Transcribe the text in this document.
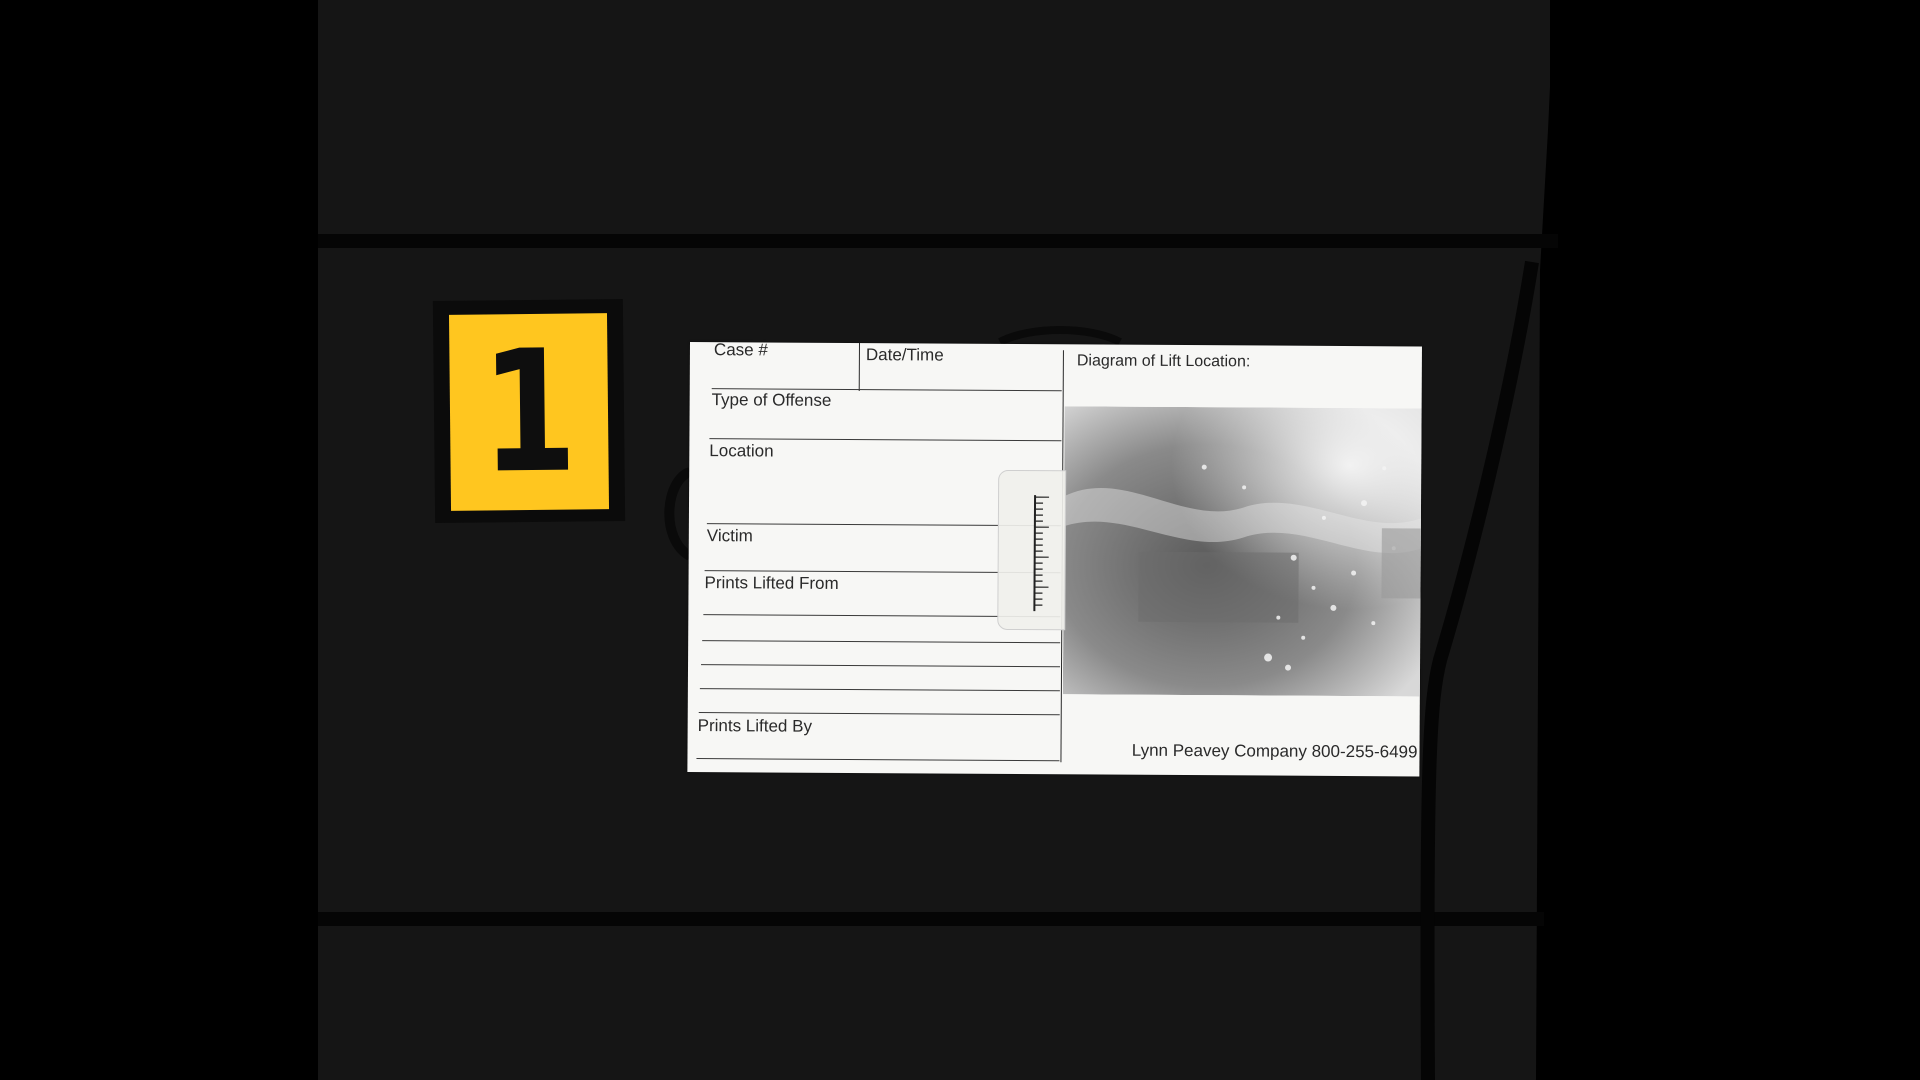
1	Case #	Date/Time
Type of Offense
Location
Victim
Prints Lifted From
Prints Lifted By
Diagram of Lift Location:
Lynn Peavey Company 800-255-6499
